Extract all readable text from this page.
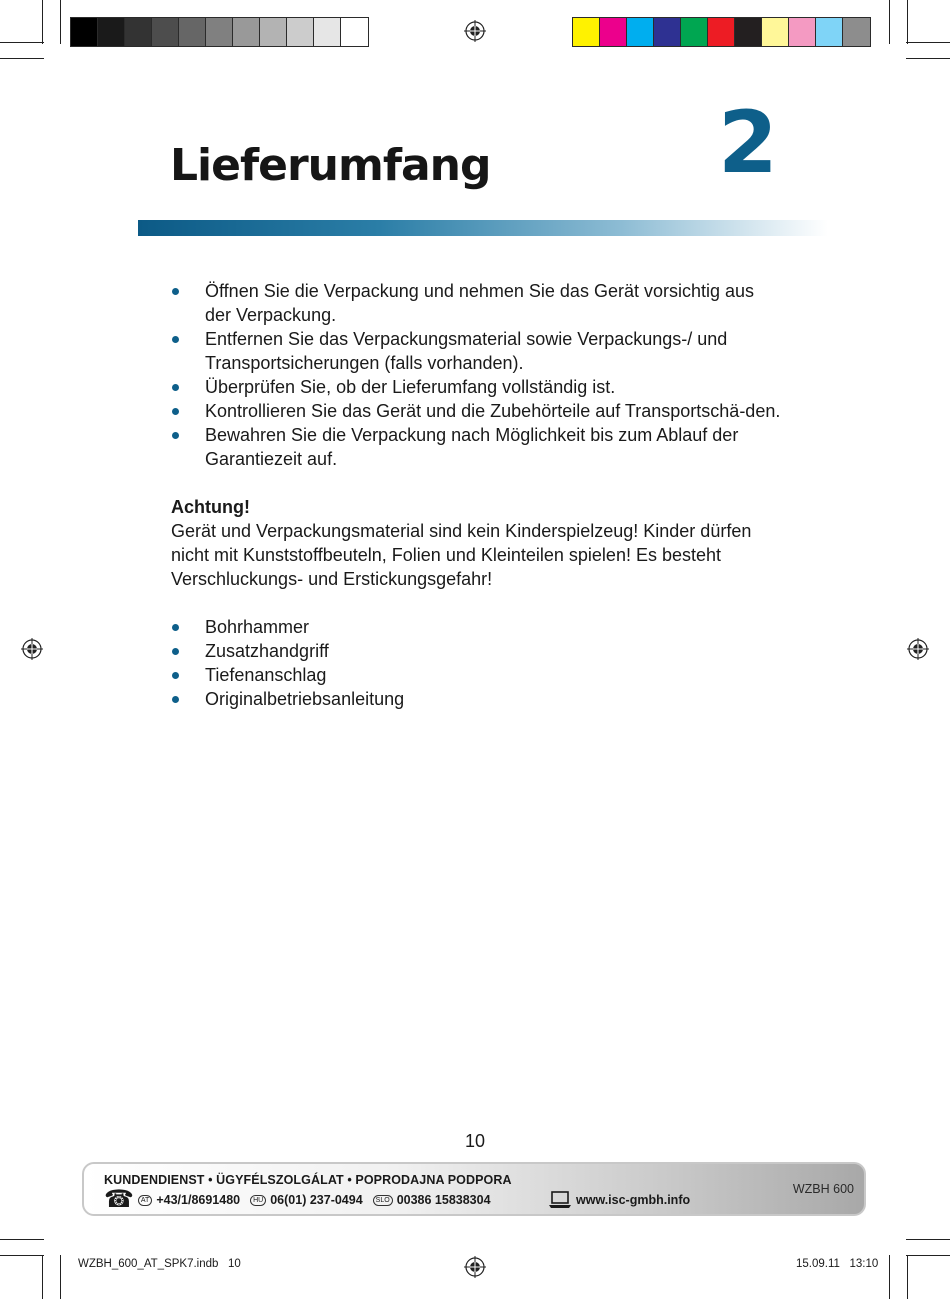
Lieferumfang	2
Öffnen Sie die Verpackung und nehmen Sie das Gerät vorsichtig aus der Verpackung.
Entfernen Sie das Verpackungsmaterial sowie Verpackungs-/ und Transportsicherungen (falls vorhanden).
Überprüfen Sie, ob der Lieferumfang vollständig ist.
Kontrollieren Sie das Gerät und die Zubehörteile auf Transportschä-den.
Bewahren Sie die Verpackung nach Möglichkeit bis zum Ablauf der Garantiezeit auf.
Achtung!
Gerät und Verpackungsmaterial sind kein Kinderspielzeug! Kinder dürfen nicht mit Kunststoffbeuteln, Folien und Kleinteilen spielen! Es besteht Verschluckungs- und Erstickungsgefahr!
Bohrhammer
Zusatzhandgriff
Tiefenanschlag
Originalbetriebsanleitung
10
KUNDENDIENST • ÜGYFÉLSZOLGÁLAT • POPRODAJNA PODPORA
☎	AT +43/1/8691480	HU 06(01) 237-0494	SLO 00386 15838304	www.isc-gmbh.info
WZBH 600
WZBH_600_AT_SPK7.indb   10	15.09.11   13:10
